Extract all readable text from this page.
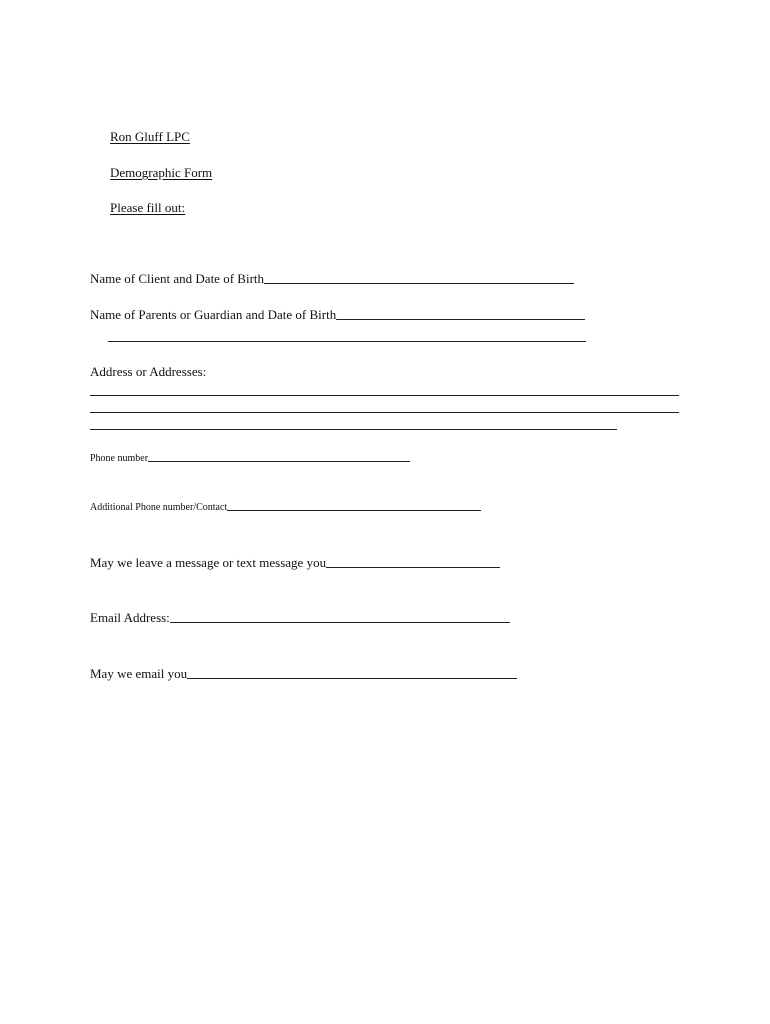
Ron Gluff LPC
Demographic Form
Please fill out:
Name of Client and Date of Birth
Name of Parents or Guardian and Date of Birth
Address or Addresses:
Phone number
Additional Phone number/Contact
May we leave a message or text message you
Email Address:
May we email you
